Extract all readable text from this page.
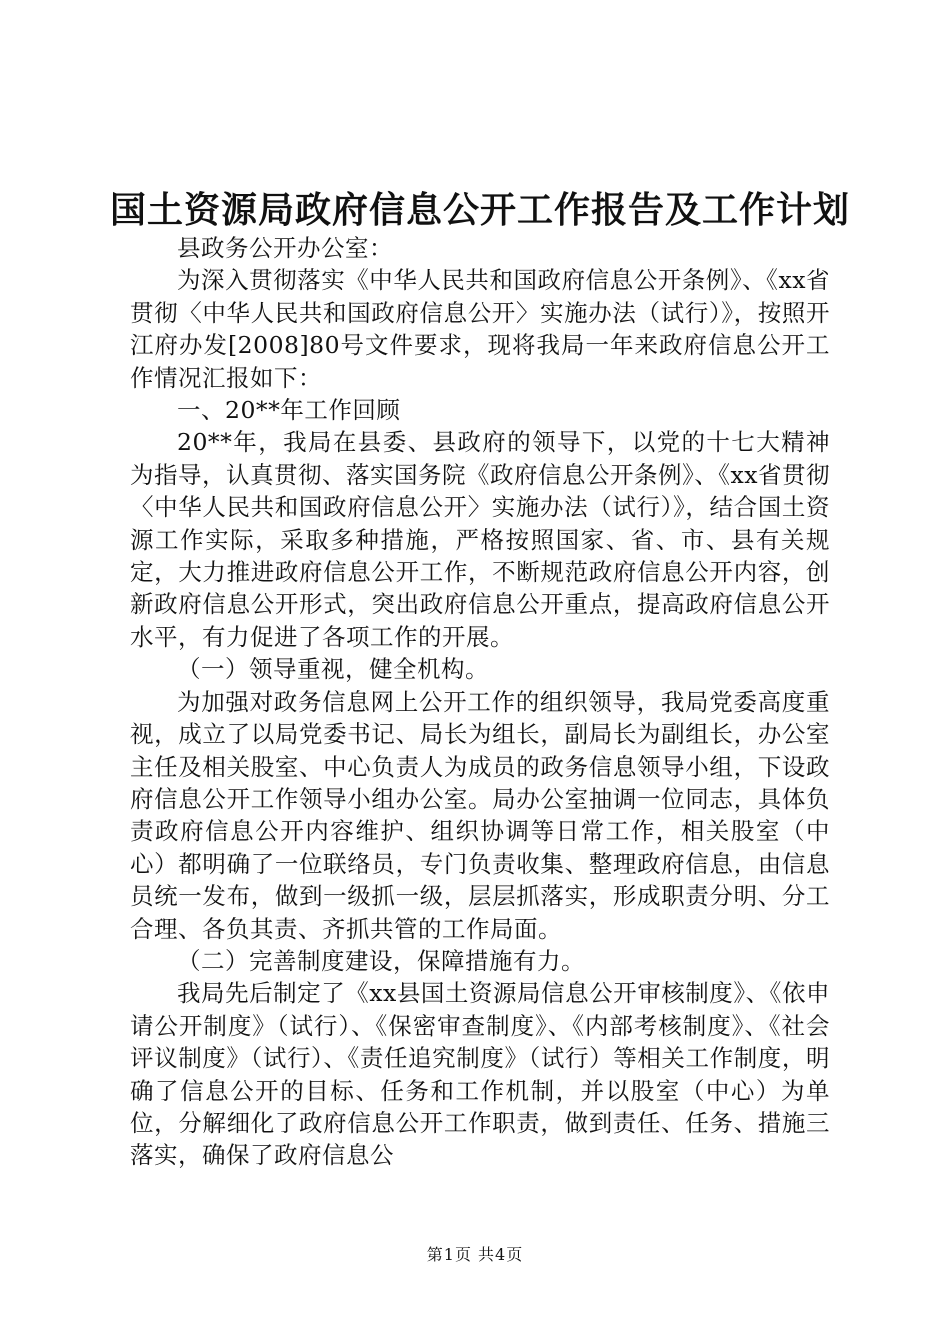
国土资源局政府信息公开工作报告及工作计划

县政务公开办公室：

为深入贯彻落实《中华人民共和国政府信息公开条例》、《xx省贯彻〈中华人民共和国政府信息公开〉实施办法（试行）》，按照开江府办发[2008]80号文件要求，现将我局一年来政府信息公开工作情况汇报如下：

一、20**年工作回顾

20**年，我局在县委、县政府的领导下，以党的十七大精神为指导，认真贯彻、落实国务院《政府信息公开条例》、《xx省贯彻〈中华人民共和国政府信息公开〉实施办法（试行）》，结合国土资源工作实际，采取多种措施，严格按照国家、省、市、县有关规定，大力推进政府信息公开工作，不断规范政府信息公开内容，创新政府信息公开形式，突出政府信息公开重点，提高政府信息公开水平，有力促进了各项工作的开展。

（一）领导重视，健全机构。

为加强对政务信息网上公开工作的组织领导，我局党委高度重视，成立了以局党委书记、局长为组长，副局长为副组长，办公室主任及相关股室、中心负责人为成员的政务信息领导小组，下设政府信息公开工作领导小组办公室。局办公室抽调一位同志，具体负责政府信息公开内容维护、组织协调等日常工作，相关股室（中心）都明确了一位联络员，专门负责收集、整理政府信息，由信息员统一发布，做到一级抓一级，层层抓落实，形成职责分明、分工合理、各负其责、齐抓共管的工作局面。

（二）完善制度建设，保障措施有力。

我局先后制定了《xx县国土资源局信息公开审核制度》、《依申请公开制度》（试行）、《保密审查制度》、《内部考核制度》、《社会评议制度》（试行）、《责任追究制度》（试行）等相关工作制度，明确了信息公开的目标、任务和工作机制，并以股室（中心）为单位，分解细化了政府信息公开工作职责，做到责任、任务、措施三落实，确保了政府信息公

第1页 共4页
